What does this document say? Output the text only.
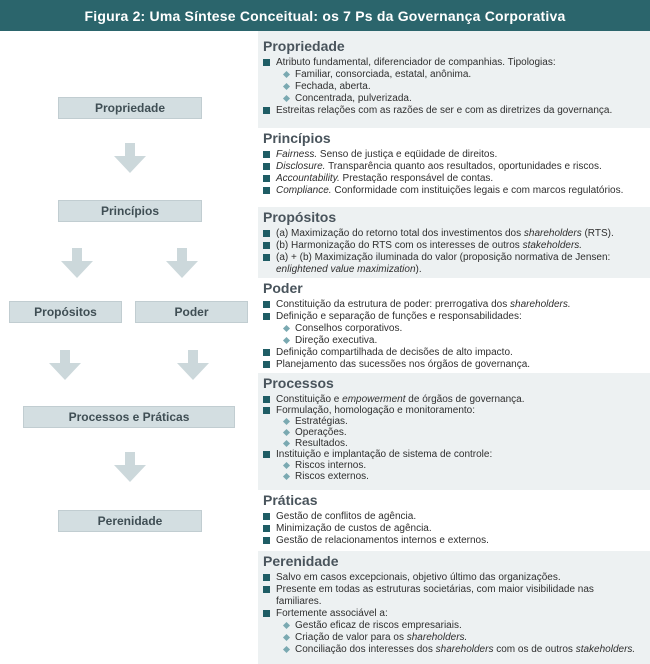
Figura 2: Uma Síntese Conceitual: os 7 Ps da Governança Corporativa
Propriedade
Princípios
Propósitos	Poder
Processos e Práticas
Perenidade
Propriedade
Atributo fundamental, diferenciador de companhias. Tipologias:
Familiar, consorciada, estatal, anônima.
Fechada, aberta.
Concentrada, pulverizada.
Estreitas relações com as razões de ser e com as diretrizes da governança.
Princípios
Fairness. Senso de justiça e eqüidade de direitos.
Disclosure. Transparência quanto aos resultados, oportunidades e riscos.
Accountability. Prestação responsável de contas.
Compliance. Conformidade com instituições legais e com marcos regulatórios.
Propósitos
(a) Maximização do retorno total dos investimentos dos shareholders (RTS).
(b) Harmonização do RTS com os interesses de outros stakeholders.
(a) + (b) Maximização iluminada do valor (proposição normativa de Jensen: enlightened value maximization).
Poder
Constituição da estrutura de poder: prerrogativa dos shareholders.
Definição e separação de funções e responsabilidades:
Conselhos corporativos.
Direção executiva.
Definição compartilhada de decisões de alto impacto.
Planejamento das sucessões nos órgãos de governança.
Processos
Constituição e empowerment de órgãos de governança.
Formulação, homologação e monitoramento:
Estratégias.
Operações.
Resultados.
Instituição e implantação de sistema de controle:
Riscos internos.
Riscos externos.
Práticas
Gestão de conflitos de agência.
Minimização de custos de agência.
Gestão de relacionamentos internos e externos.
Perenidade
Salvo em casos excepcionais, objetivo último das organizações.
Presente em todas as estruturas societárias, com maior visibilidade nas familiares.
Fortemente associável a:
Gestão eficaz de riscos empresariais.
Criação de valor para os shareholders.
Conciliação dos interesses dos shareholders com os de outros stakeholders.
